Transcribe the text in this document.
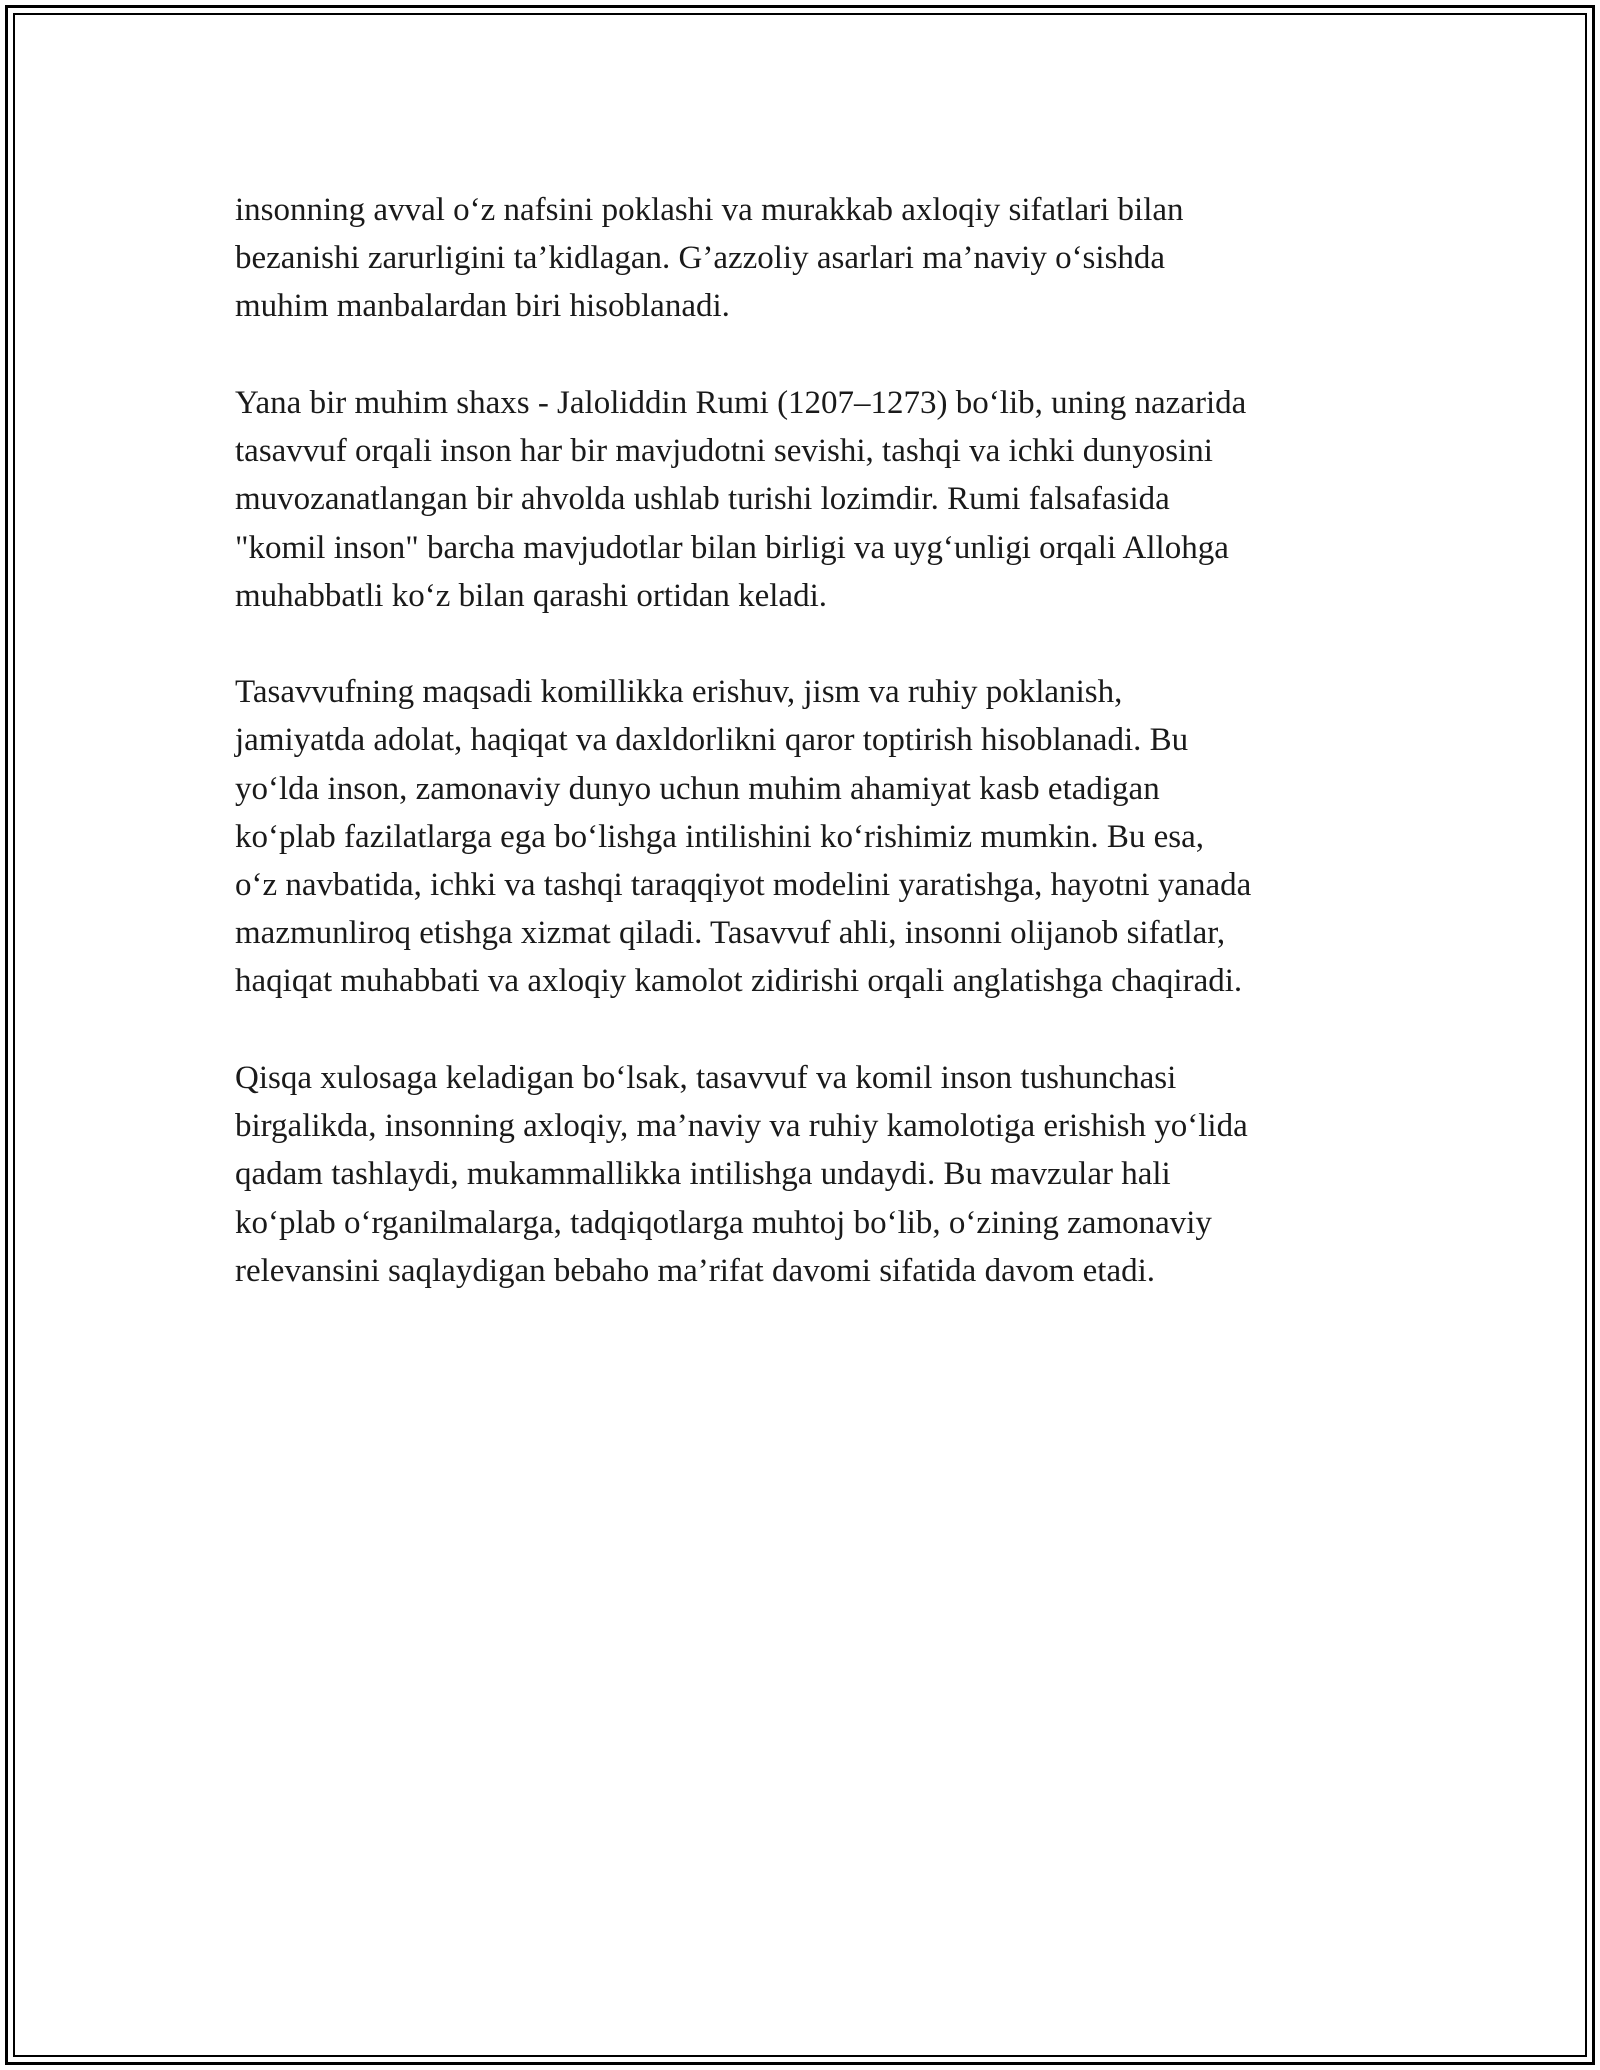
insonning avval o‘z nafsini poklashi va murakkab axloqiy sifatlari bilan
bezanishi zarurligini ta’kidlagan. G’azzoliy asarlari ma’naviy o‘sishda
muhim manbalardan biri hisoblanadi.

Yana bir muhim shaxs - Jaloliddin Rumi (1207–1273) bo‘lib, uning nazarida
tasavvuf orqali inson har bir mavjudotni sevishi, tashqi va ichki dunyosini
muvozanatlangan bir ahvolda ushlab turishi lozimdir. Rumi falsafasida
"komil inson" barcha mavjudotlar bilan birligi va uyg‘unligi orqali Allohga
muhabbatli ko‘z bilan qarashi ortidan keladi.

Tasavvufning maqsadi komillikka erishuv, jism va ruhiy poklanish,
jamiyatda adolat, haqiqat va daxldorlikni qaror toptirish hisoblanadi. Bu
yo‘lda inson, zamonaviy dunyo uchun muhim ahamiyat kasb etadigan
ko‘plab fazilatlarga ega bo‘lishga intilishini ko‘rishimiz mumkin. Bu esa,
o‘z navbatida, ichki va tashqi taraqqiyot modelini yaratishga, hayotni yanada
mazmunliroq etishga xizmat qiladi. Tasavvuf ahli, insonni olijanob sifatlar,
haqiqat muhabbati va axloqiy kamolot zidirishi orqali anglatishga chaqiradi.

Qisqa xulosaga keladigan bo‘lsak, tasavvuf va komil inson tushunchasi
birgalikda, insonning axloqiy, ma’naviy va ruhiy kamolotiga erishish yo‘lida
qadam tashlaydi, mukammallikka intilishga undaydi. Bu mavzular hali
ko‘plab o‘rganilmalarga, tadqiqotlarga muhtoj bo‘lib, o‘zining zamonaviy
relevansini saqlaydigan bebaho ma’rifat davomi sifatida davom etadi.
